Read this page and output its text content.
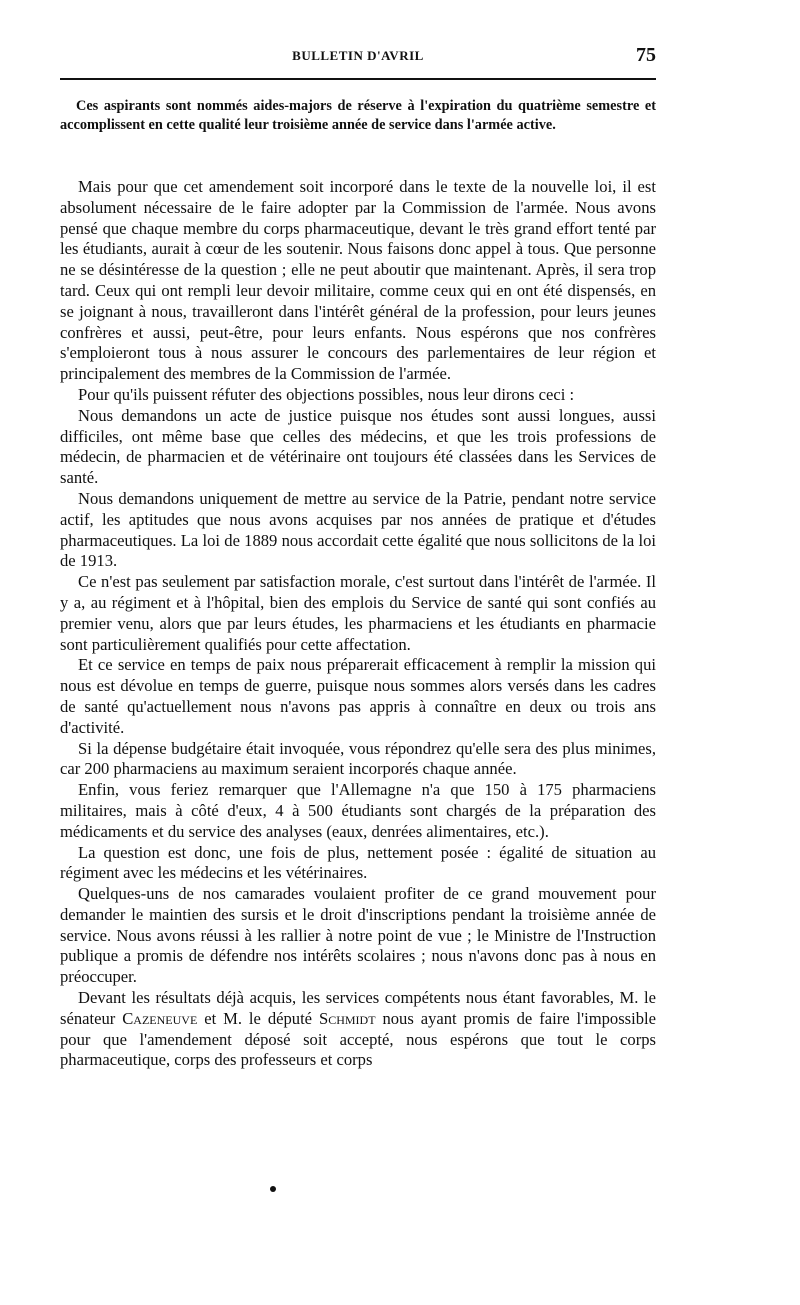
BULLETIN D'AVRIL	75
Ces aspirants sont nommés aides-majors de réserve à l'expiration du quatrième semestre et accomplissent en cette qualité leur troisième année de service dans l'armée active.

Mais pour que cet amendement soit incorporé dans le texte de la nouvelle loi, il est absolument nécessaire de le faire adopter par la Commission de l'armée. Nous avons pensé que chaque membre du corps pharmaceutique, devant le très grand effort tenté par les étudiants, aurait à cœur de les soutenir. Nous faisons donc appel à tous. Que personne ne se désintéresse de la question ; elle ne peut aboutir que maintenant. Après, il sera trop tard. Ceux qui ont rempli leur devoir militaire, comme ceux qui en ont été dispensés, en se joignant à nous, travailleront dans l'intérêt général de la profession, pour leurs jeunes confrères et aussi, peut-être, pour leurs enfants. Nous espérons que nos confrères s'emploieront tous à nous assurer le concours des parlementaires de leur région et principalement des membres de la Commission de l'armée.

Pour qu'ils puissent réfuter des objections possibles, nous leur dirons ceci :

Nous demandons un acte de justice puisque nos études sont aussi longues, aussi difficiles, ont même base que celles des médecins, et que les trois professions de médecin, de pharmacien et de vétérinaire ont toujours été classées dans les Services de santé.

Nous demandons uniquement de mettre au service de la Patrie, pendant notre service actif, les aptitudes que nous avons acquises par nos années de pratique et d'études pharmaceutiques. La loi de 1889 nous accordait cette égalité que nous sollicitons de la loi de 1913.

Ce n'est pas seulement par satisfaction morale, c'est surtout dans l'intérêt de l'armée. Il y a, au régiment et à l'hôpital, bien des emplois du Service de santé qui sont confiés au premier venu, alors que par leurs études, les pharmaciens et les étudiants en pharmacie sont particulièrement qualifiés pour cette affectation.

Et ce service en temps de paix nous préparerait efficacement à remplir la mission qui nous est dévolue en temps de guerre, puisque nous sommes alors versés dans les cadres de santé qu'actuellement nous n'avons pas appris à connaître en deux ou trois ans d'activité.

Si la dépense budgétaire était invoquée, vous répondrez qu'elle sera des plus minimes, car 200 pharmaciens au maximum seraient incorporés chaque année.

Enfin, vous feriez remarquer que l'Allemagne n'a que 150 à 175 pharmaciens militaires, mais à côté d'eux, 4 à 500 étudiants sont chargés de la préparation des médicaments et du service des analyses (eaux, denrées alimentaires, etc.).

La question est donc, une fois de plus, nettement posée : égalité de situation au régiment avec les médecins et les vétérinaires.

Quelques-uns de nos camarades voulaient profiter de ce grand mouvement pour demander le maintien des sursis et le droit d'inscriptions pendant la troisième année de service. Nous avons réussi à les rallier à notre point de vue ; le Ministre de l'Instruction publique a promis de défendre nos intérêts scolaires ; nous n'avons donc pas à nous en préoccuper.

Devant les résultats déjà acquis, les services compétents nous étant favorables, M. le sénateur Cazeneuve et M. le député Schmidt nous ayant promis de faire l'impossible pour que l'amendement déposé soit accepté, nous espérons que tout le corps pharmaceutique, corps des professeurs et corps
